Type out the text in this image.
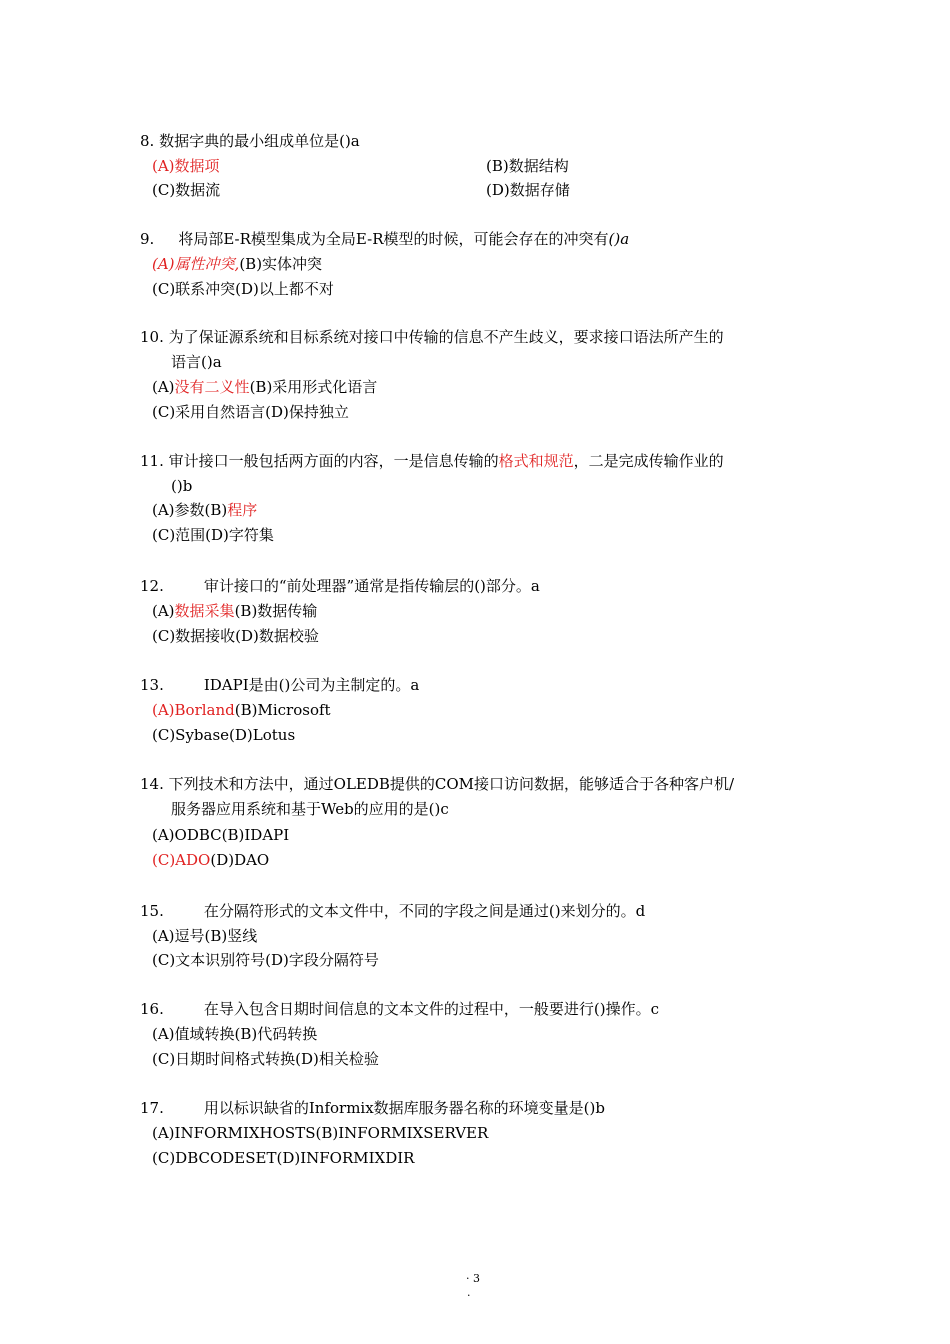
8. 数据字典的最小组成单位是()a
(A)数据项	(B)数据结构
(C)数据流	(D)数据存储
9. 将局部E-R模型集成为全局E-R模型的时候，可能会存在的冲突有()a
(A)属性冲突,(B)实体冲突
(C)联系冲突(D)以上都不对
10. 为了保证源系统和目标系统对接口中传输的信息不产生歧义，要求接口语法所产生的
语言()a
(A)没有二义性(B)采用形式化语言
(C)采用自然语言(D)保持独立
11. 审计接口一般包括两方面的内容，一是信息传输的格式和规范，二是完成传输作业的
()b
(A)参数(B)程序
(C)范围(D)字符集
12.	审计接口的“前处理器”通常是指传输层的()部分。a
(A)数据采集(B)数据传输
(C)数据接收(D)数据校验
13.	IDAPI是由()公司为主制定的。a
(A)Borland(B)Microsoft
(C)Sybase(D)Lotus
14. 下列技术和方法中，通过OLEDB提供的COM接口访问数据，能够适合于各种客户机/
服务器应用系统和基于Web的应用的是()c
(A)ODBC(B)IDAPI
(C)ADO(D)DAO
15.	在分隔符形式的文本文件中，不同的字段之间是通过()来划分的。d
(A)逗号(B)竖线
(C)文本识别符号(D)字段分隔符号
16.	在导入包含日期时间信息的文本文件的过程中，一般要进行()操作。c
(A)值域转换(B)代码转换
(C)日期时间格式转换(D)相关检验
17.	用以标识缺省的Informix数据库服务器名称的环境变量是()b
(A)INFORMIXHOSTS(B)INFORMIXSERVER
(C)DBCODESET(D)INFORMIXDIR
· 3
·
